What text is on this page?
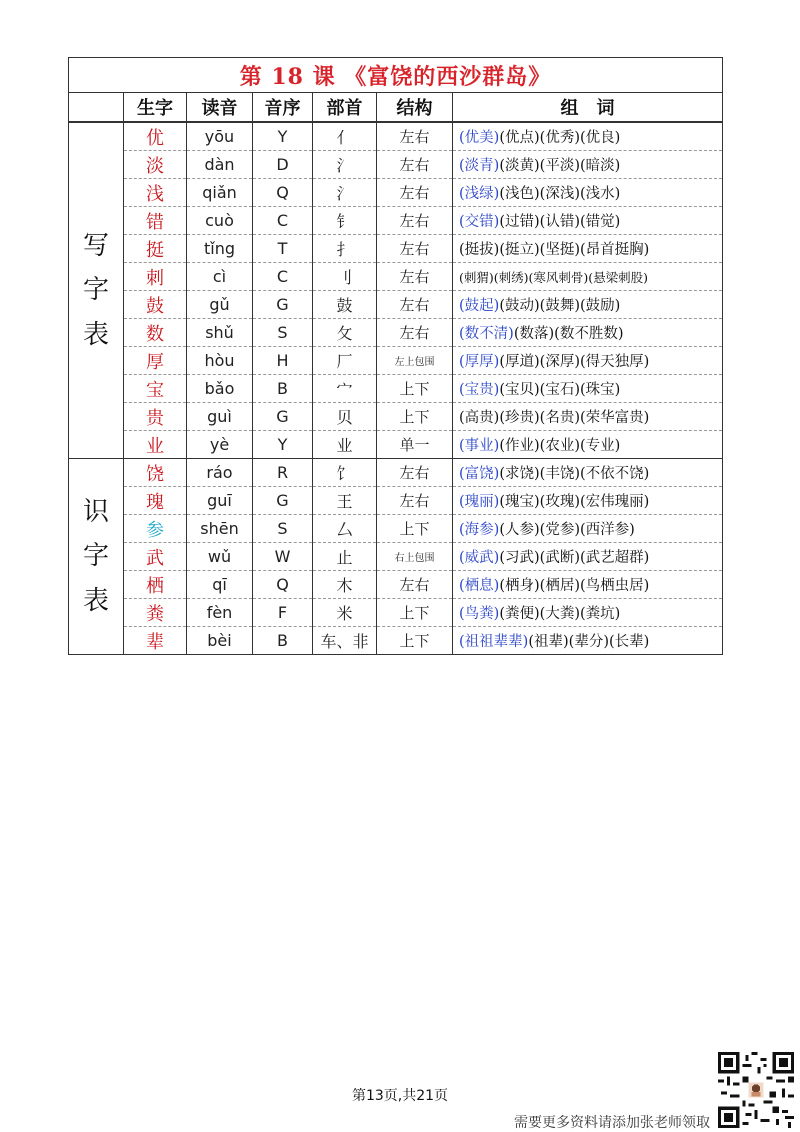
第 18 课 《富饶的西沙群岛》						
	生字	读音	音序	部首	结构	组　词

写
字
表	优	yōu	Y	亻	左右	(优美)(优点)(优秀)(优良)
	淡	dàn	D	氵	左右	(淡青)(淡黄)(平淡)(暗淡)
	浅	qiǎn	Q	氵	左右	(浅绿)(浅色)(深浅)(浅水)
	错	cuò	C	钅	左右	(交错)(过错)(认错)(错觉)
	挺	tǐng	T	扌	左右	(挺拔)(挺立)(坚挺)(昂首挺胸)
	刺	cì	C	刂	左右	(刺猬)(刺绣)(寒风刺骨)(悬梁刺股)
	鼓	gǔ	G	鼓	左右	(鼓起)(鼓动)(鼓舞)(鼓励)
	数	shǔ	S	攵	左右	(数不清)(数落)(数不胜数)
	厚	hòu	H	厂	左上包围	(厚厚)(厚道)(深厚)(得天独厚)
	宝	bǎo	B	宀	上下	(宝贵)(宝贝)(宝石)(珠宝)
	贵	guì	G	贝	上下	(高贵)(珍贵)(名贵)(荣华富贵)
	业	yè	Y	业	单一	(事业)(作业)(农业)(专业)

识
字
表	饶	ráo	R	饣	左右	(富饶)(求饶)(丰饶)(不依不饶)
	瑰	guī	G	王	左右	(瑰丽)(瑰宝)(玫瑰)(宏伟瑰丽)
	参	shēn	S	厶	上下	(海参)(人参)(党参)(西洋参)
	武	wǔ	W	止	右上包围	(威武)(习武)(武断)(武艺超群)
	栖	qī	Q	木	左右	(栖息)(栖身)(栖居)(鸟栖虫居)
	粪	fèn	F	米	上下	(鸟粪)(粪便)(大粪)(粪坑)
	辈	bèi	B	车、非	上下	(祖祖辈辈)(祖辈)(辈分)(长辈)
第13页,共21页
需要更多资料请添加张老师领取
